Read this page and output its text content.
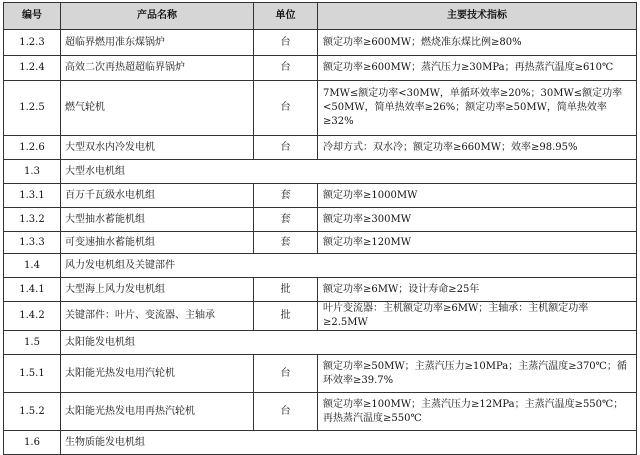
编号	产品名称	单位	主要技术指标
1.2.3	超临界燃用准东煤锅炉	台	额定功率≥600MW；燃烧准东煤比例≥80%
1.2.4	高效二次再热超超临界锅炉	台	额定功率≥600MW；蒸汽压力≥30MPa；再热蒸汽温度≥610℃
1.2.5	燃气轮机	台	7MW≤额定功率<30MW，单循环效率≥20%；30MW≤额定功率<50MW，简单热效率≥26%；额定功率≥50MW，简单热效率≥32%
1.2.6	大型双水内冷发电机	台	冷却方式：双水冷；额定功率≥660MW；效率≥98.95%
1.3	大型水电机组		
1.3.1	百万千瓦级水电机组	套	额定功率≥1000MW
1.3.2	大型抽水蓄能机组	套	额定功率≥300MW
1.3.3	可变速抽水蓄能机组	套	额定功率≥120MW
1.4	风力发电机组及关键部件		
1.4.1	大型海上风力发电机组	批	额定功率≥6MW；设计寿命≥25年
1.4.2	关键部件：叶片、变流器、主轴承	批	叶片变流器：主机额定功率≥6MW；主轴承：主机额定功率≥2.5MW
1.5	太阳能发电机组		
1.5.1	太阳能光热发电用汽轮机	台	额定功率≥50MW；主蒸汽压力≥10MPa；主蒸汽温度≥370℃；循环效率≥39.7%
1.5.2	太阳能光热发电用再热汽轮机	台	额定功率≥100MW；主蒸汽压力≥12MPa；主蒸汽温度≥550℃；再热蒸汽温度≥550℃
1.6	生物质能发电机组		
